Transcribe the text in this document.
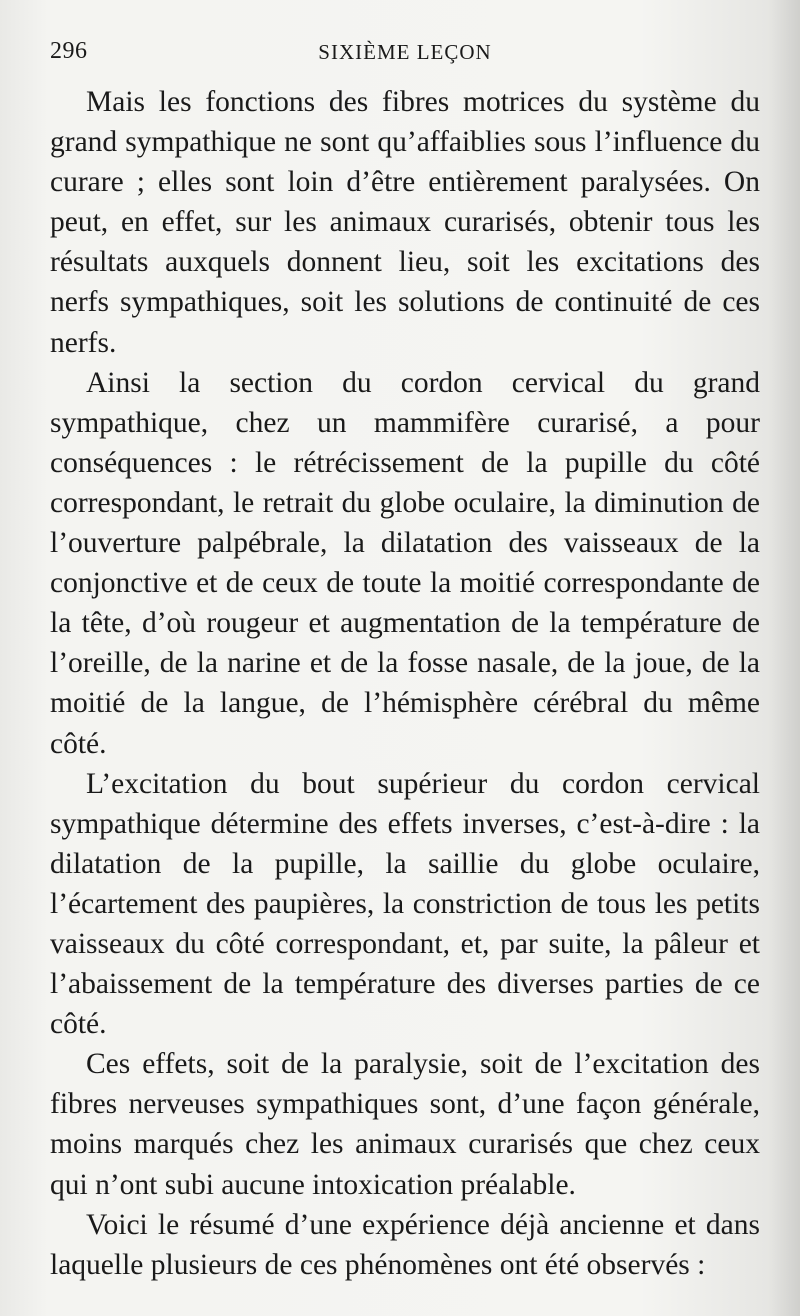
296	SIXIÈME LEÇON

Mais les fonctions des fibres motrices du système du grand sympathique ne sont qu’affaiblies sous l’influence du curare ; elles sont loin d’être entièrement paralysées. On peut, en effet, sur les animaux curarisés, obtenir tous les résultats auxquels donnent lieu, soit les excitations des nerfs sympathiques, soit les solutions de continuité de ces nerfs.

Ainsi la section du cordon cervical du grand sympathique, chez un mammifère curarisé, a pour conséquences : le rétrécissement de la pupille du côté correspondant, le retrait du globe oculaire, la diminution de l’ouverture palpébrale, la dilatation des vaisseaux de la conjonctive et de ceux de toute la moitié correspondante de la tête, d’où rougeur et augmentation de la température de l’oreille, de la narine et de la fosse nasale, de la joue, de la moitié de la langue, de l’hémisphère cérébral du même côté.

L’excitation du bout supérieur du cordon cervical sympathique détermine des effets inverses, c’est-à-dire : la dilatation de la pupille, la saillie du globe oculaire, l’écartement des paupières, la constriction de tous les petits vaisseaux du côté correspondant, et, par suite, la pâleur et l’abaissement de la température des diverses parties de ce côté.

Ces effets, soit de la paralysie, soit de l’excitation des fibres nerveuses sympathiques sont, d’une façon générale, moins marqués chez les animaux curarisés que chez ceux qui n’ont subi aucune intoxication préalable.

Voici le résumé d’une expérience déjà ancienne et dans laquelle plusieurs de ces phénomènes ont été observés :
